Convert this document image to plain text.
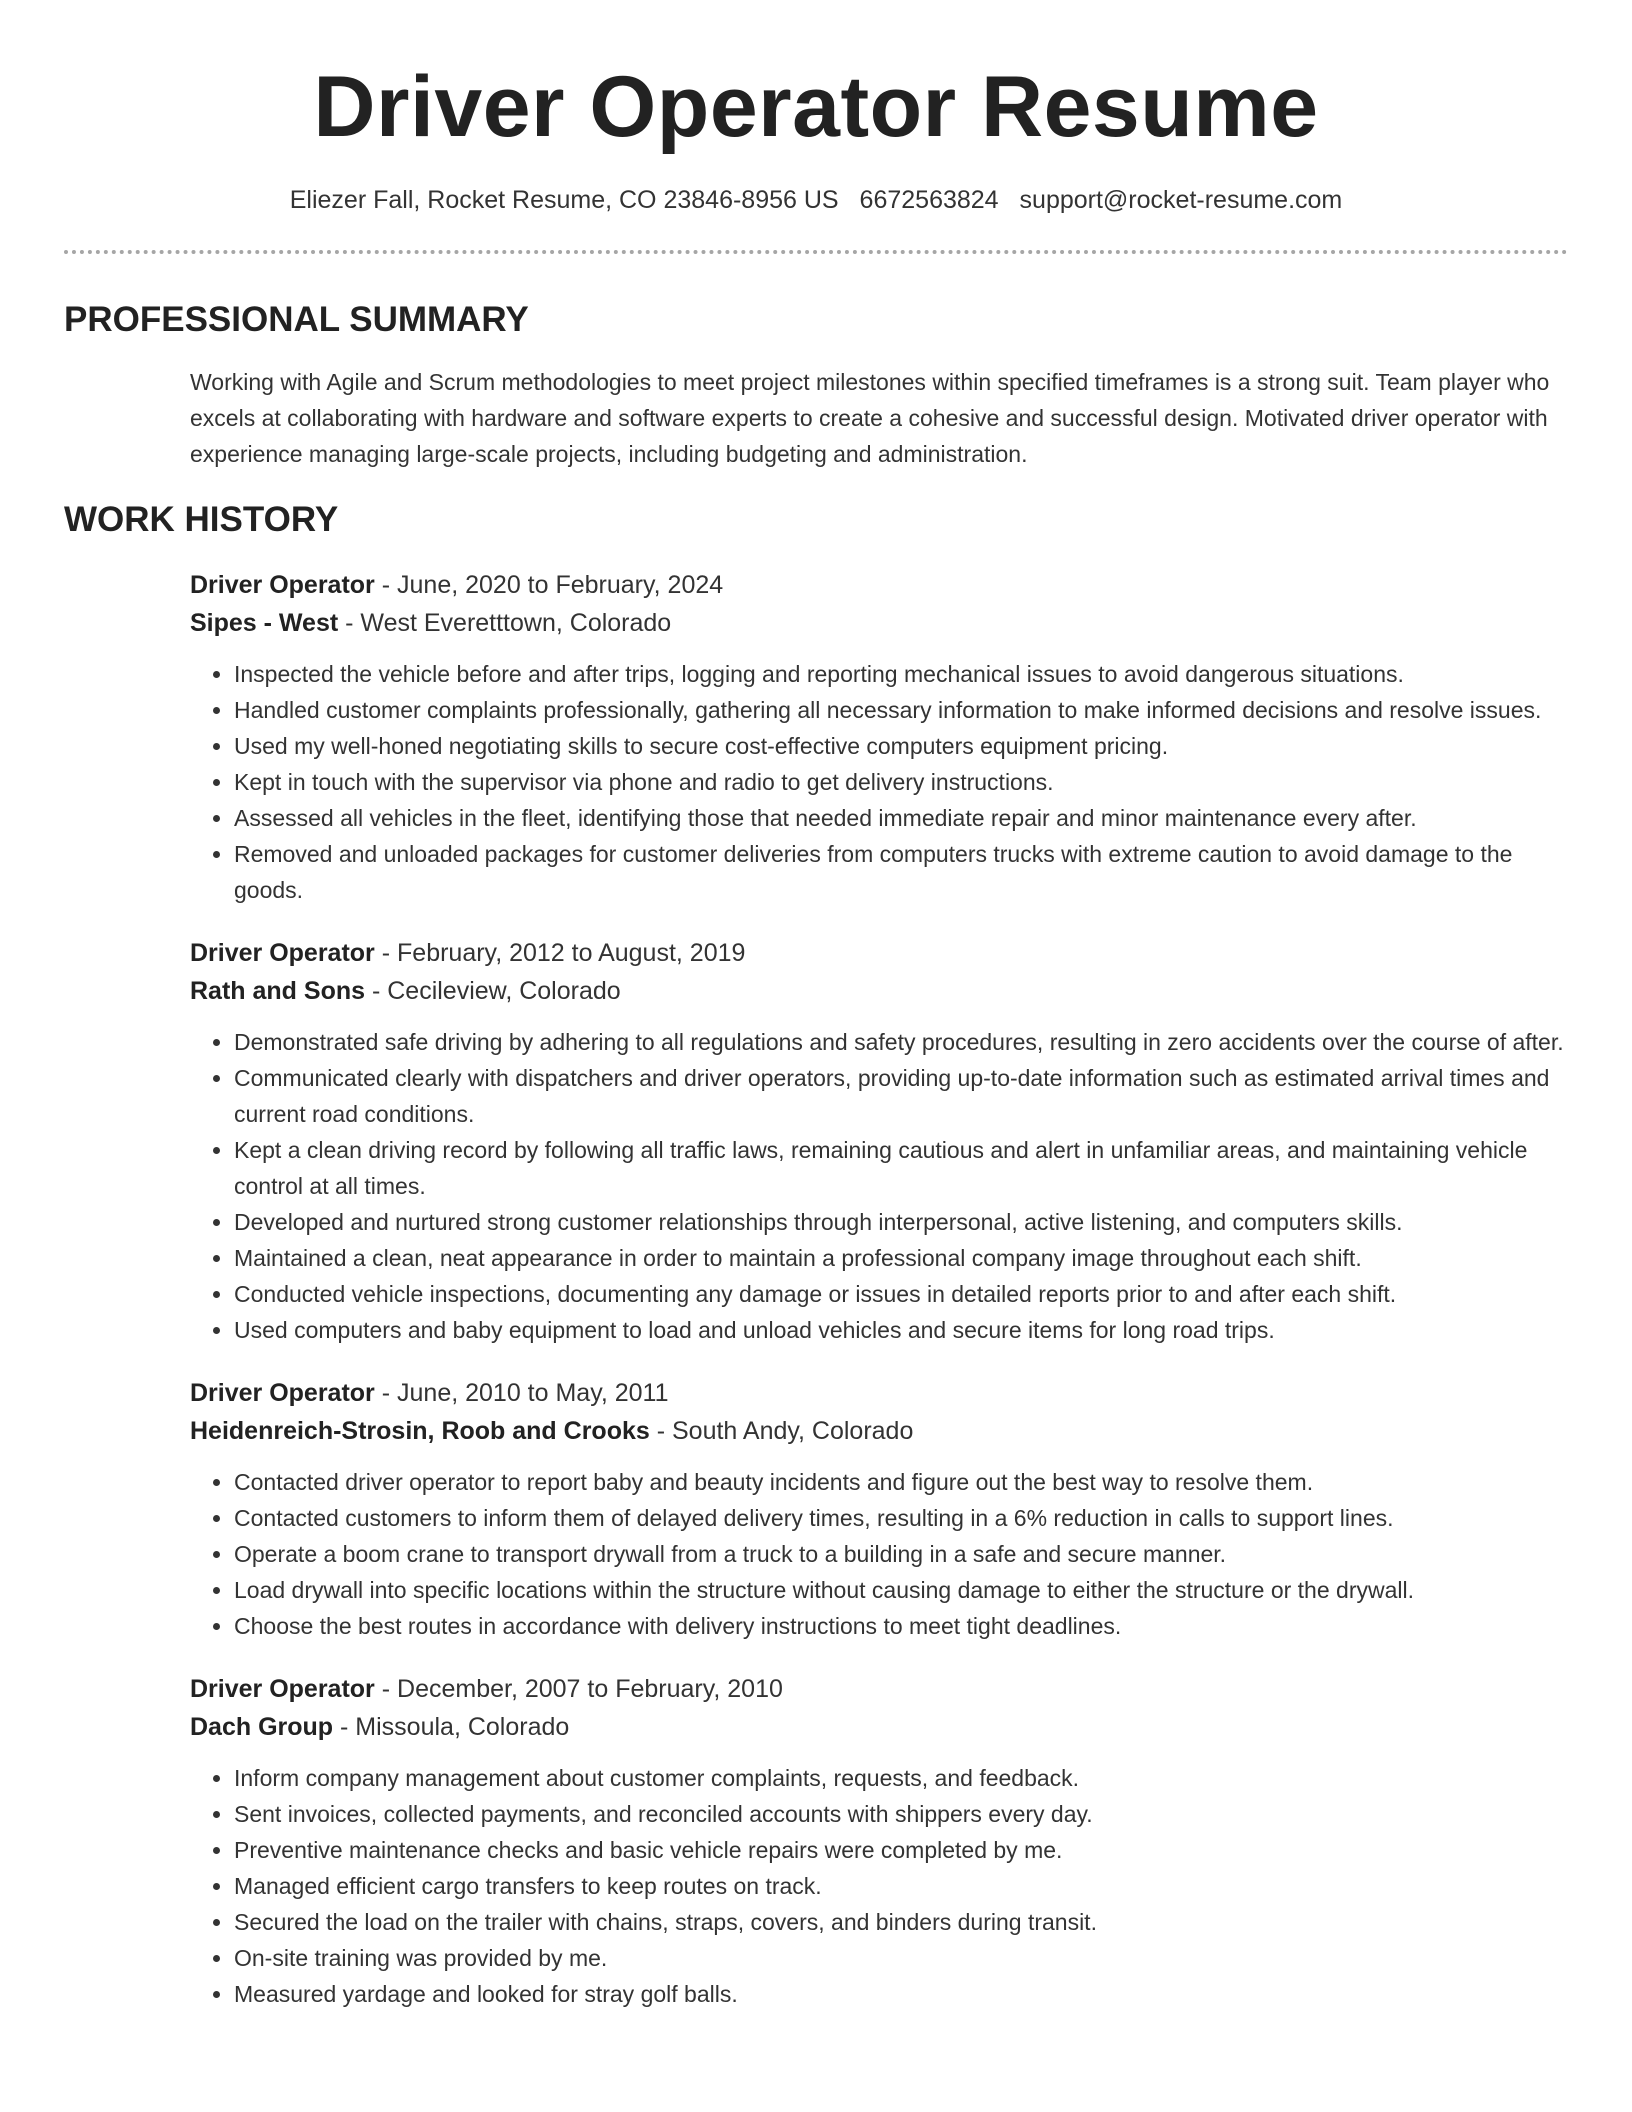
Driver Operator Resume
Eliezer Fall, Rocket Resume, CO 23846-8956 US 6672563824 support@rocket-resume.com
PROFESSIONAL SUMMARY

Working with Agile and Scrum methodologies to meet project milestones within specified timeframes is a strong suit. Team player who excels at collaborating with hardware and software experts to create a cohesive and successful design. Motivated driver operator with experience managing large-scale projects, including budgeting and administration.

WORK HISTORY
Driver Operator - June, 2020 to February, 2024
Sipes - West - West Everetttown, Colorado
• Inspected the vehicle before and after trips, logging and reporting mechanical issues to avoid dangerous situations.
• Handled customer complaints professionally, gathering all necessary information to make informed decisions and resolve issues.
• Used my well-honed negotiating skills to secure cost-effective computers equipment pricing.
• Kept in touch with the supervisor via phone and radio to get delivery instructions.
• Assessed all vehicles in the fleet, identifying those that needed immediate repair and minor maintenance every after.
• Removed and unloaded packages for customer deliveries from computers trucks with extreme caution to avoid damage to the goods.
Driver Operator - February, 2012 to August, 2019
Rath and Sons - Cecileview, Colorado
• Demonstrated safe driving by adhering to all regulations and safety procedures, resulting in zero accidents over the course of after.
• Communicated clearly with dispatchers and driver operators, providing up-to-date information such as estimated arrival times and current road conditions.
• Kept a clean driving record by following all traffic laws, remaining cautious and alert in unfamiliar areas, and maintaining vehicle control at all times.
• Developed and nurtured strong customer relationships through interpersonal, active listening, and computers skills.
• Maintained a clean, neat appearance in order to maintain a professional company image throughout each shift.
• Conducted vehicle inspections, documenting any damage or issues in detailed reports prior to and after each shift.
• Used computers and baby equipment to load and unload vehicles and secure items for long road trips.
Driver Operator - June, 2010 to May, 2011
Heidenreich-Strosin, Roob and Crooks - South Andy, Colorado
• Contacted driver operator to report baby and beauty incidents and figure out the best way to resolve them.
• Contacted customers to inform them of delayed delivery times, resulting in a 6% reduction in calls to support lines.
• Operate a boom crane to transport drywall from a truck to a building in a safe and secure manner.
• Load drywall into specific locations within the structure without causing damage to either the structure or the drywall.
• Choose the best routes in accordance with delivery instructions to meet tight deadlines.
Driver Operator - December, 2007 to February, 2010
Dach Group - Missoula, Colorado
• Inform company management about customer complaints, requests, and feedback.
• Sent invoices, collected payments, and reconciled accounts with shippers every day.
• Preventive maintenance checks and basic vehicle repairs were completed by me.
• Managed efficient cargo transfers to keep routes on track.
• Secured the load on the trailer with chains, straps, covers, and binders during transit.
• On-site training was provided by me.
• Measured yardage and looked for stray golf balls.
